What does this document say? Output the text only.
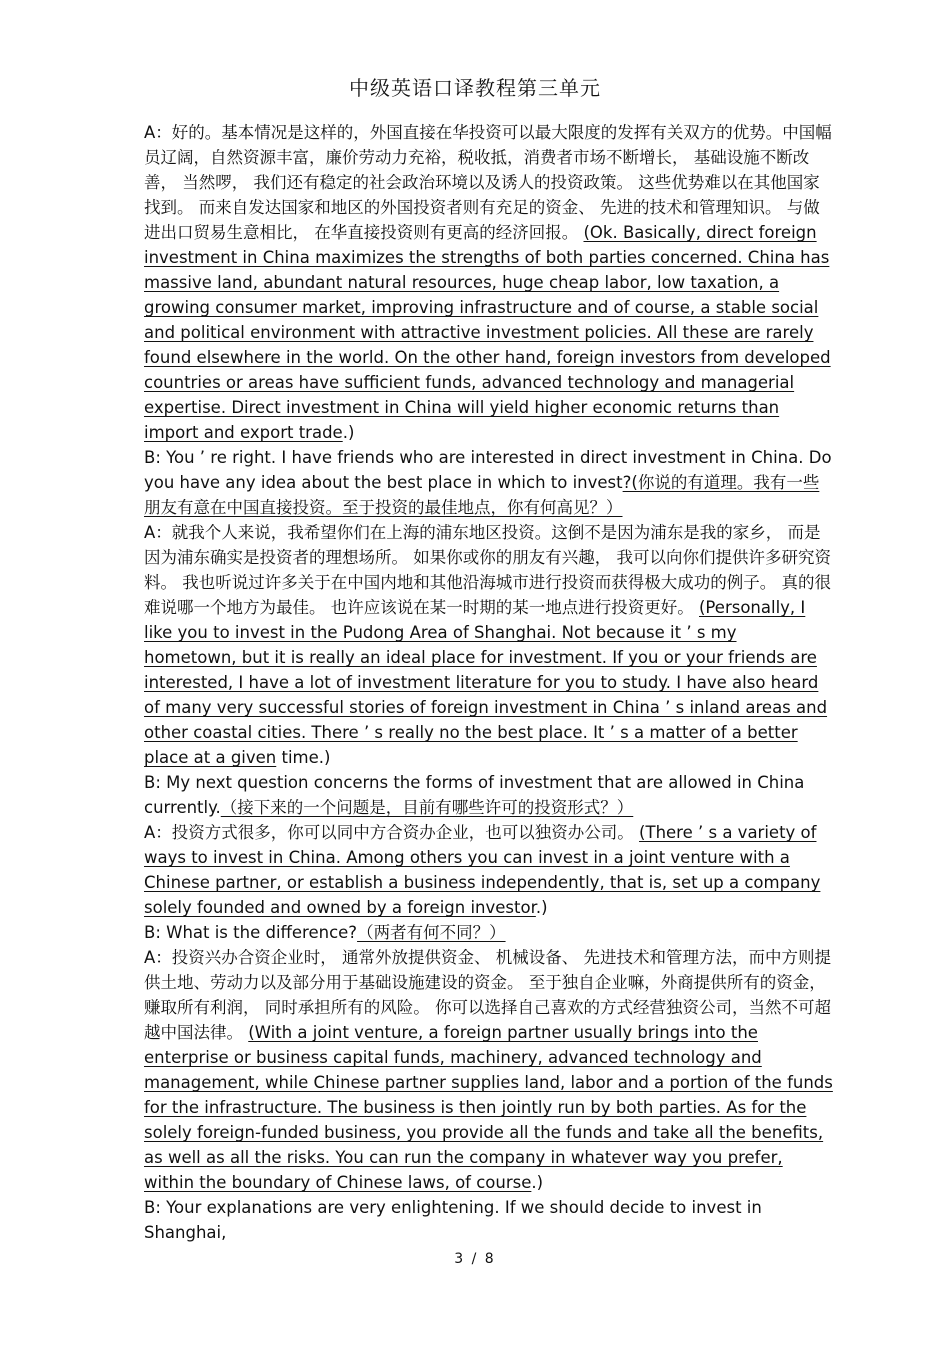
中级英语口译教程第三单元

A：好的。基本情况是这样的，外国直接在华投资可以最大限度的发挥有关双方的优势。中国幅员辽阔，自然资源丰富，廉价劳动力充裕，税收抵，消费者市场不断增长， 基础设施不断改善， 当然啰， 我们还有稳定的社会政治环境以及诱人的投资政策。 这些优势难以在其他国家找到。 而来自发达国家和地区的外国投资者则有充足的资金、 先进的技术和管理知识。 与做进出口贸易生意相比， 在华直接投资则有更高的经济回报。 (Ok. Basically, direct foreign investment in China maximizes the strengths of both parties concerned. China has massive land, abundant natural resources, huge cheap labor, low taxation, a growing consumer market, improving infrastructure and of course, a stable social and political environment with attractive investment policies. All these are rarely found elsewhere in the world. On the other hand, foreign investors from developed countries or areas have sufficient funds, advanced technology and managerial expertise. Direct investment in China will yield higher economic returns than import and export trade.)

B: You ’ re right. I have friends who are interested in direct investment in China. Do you have any idea about the best place in which to invest?(你说的有道理。我有一些朋友有意在中国直接投资。至于投资的最佳地点，你有何高见？）

A：就我个人来说，我希望你们在上海的浦东地区投资。这倒不是因为浦东是我的家乡， 而是因为浦东确实是投资者的理想场所。 如果你或你的朋友有兴趣， 我可以向你们提供许多研究资料。 我也听说过许多关于在中国内地和其他沿海城市进行投资而获得极大成功的例子。 真的很难说哪一个地方为最佳。 也许应该说在某一时期的某一地点进行投资更好。 (Personally, I like you to invest in the Pudong Area of Shanghai. Not because it ’ s my hometown, but it is really an ideal place for investment. If you or your friends are interested, I have a lot of investment literature for you to study. I have also heard of many very successful stories of foreign investment in China ’ s inland areas and other coastal cities. There ’ s really no the best place. It ’ s a matter of a better place at a given time.)

B: My next question concerns the forms of investment that are allowed in China currently.（接下来的一个问题是，目前有哪些许可的投资形式？）

A：投资方式很多，你可以同中方合资办企业，也可以独资办公司。 (There ’ s a variety of ways to invest in China. Among others you can invest in a joint venture with a Chinese partner, or establish a business independently, that is, set up a company solely founded and owned by a foreign investor.)

B: What is the difference?（两者有何不同？）

A：投资兴办合资企业时， 通常外放提供资金、 机械设备、 先进技术和管理方法，而中方则提供土地、劳动力以及部分用于基础设施建设的资金。 至于独自企业嘛，外商提供所有的资金， 赚取所有利润， 同时承担所有的风险。 你可以选择自己喜欢的方式经营独资公司，当然不可超越中国法律。 (With a joint venture, a foreign partner usually brings into the enterprise or business capital funds, machinery, advanced technology and management, while Chinese partner supplies land, labor and a portion of the funds for the infrastructure. The business is then jointly run by both parties. As for the solely foreign-funded business, you provide all the funds and take all the benefits, as well as all the risks. You can run the company in whatever way you prefer, within the boundary of Chinese laws, of course.)

B: Your explanations are very enlightening. If we should decide to invest in Shanghai,

3 / 8
